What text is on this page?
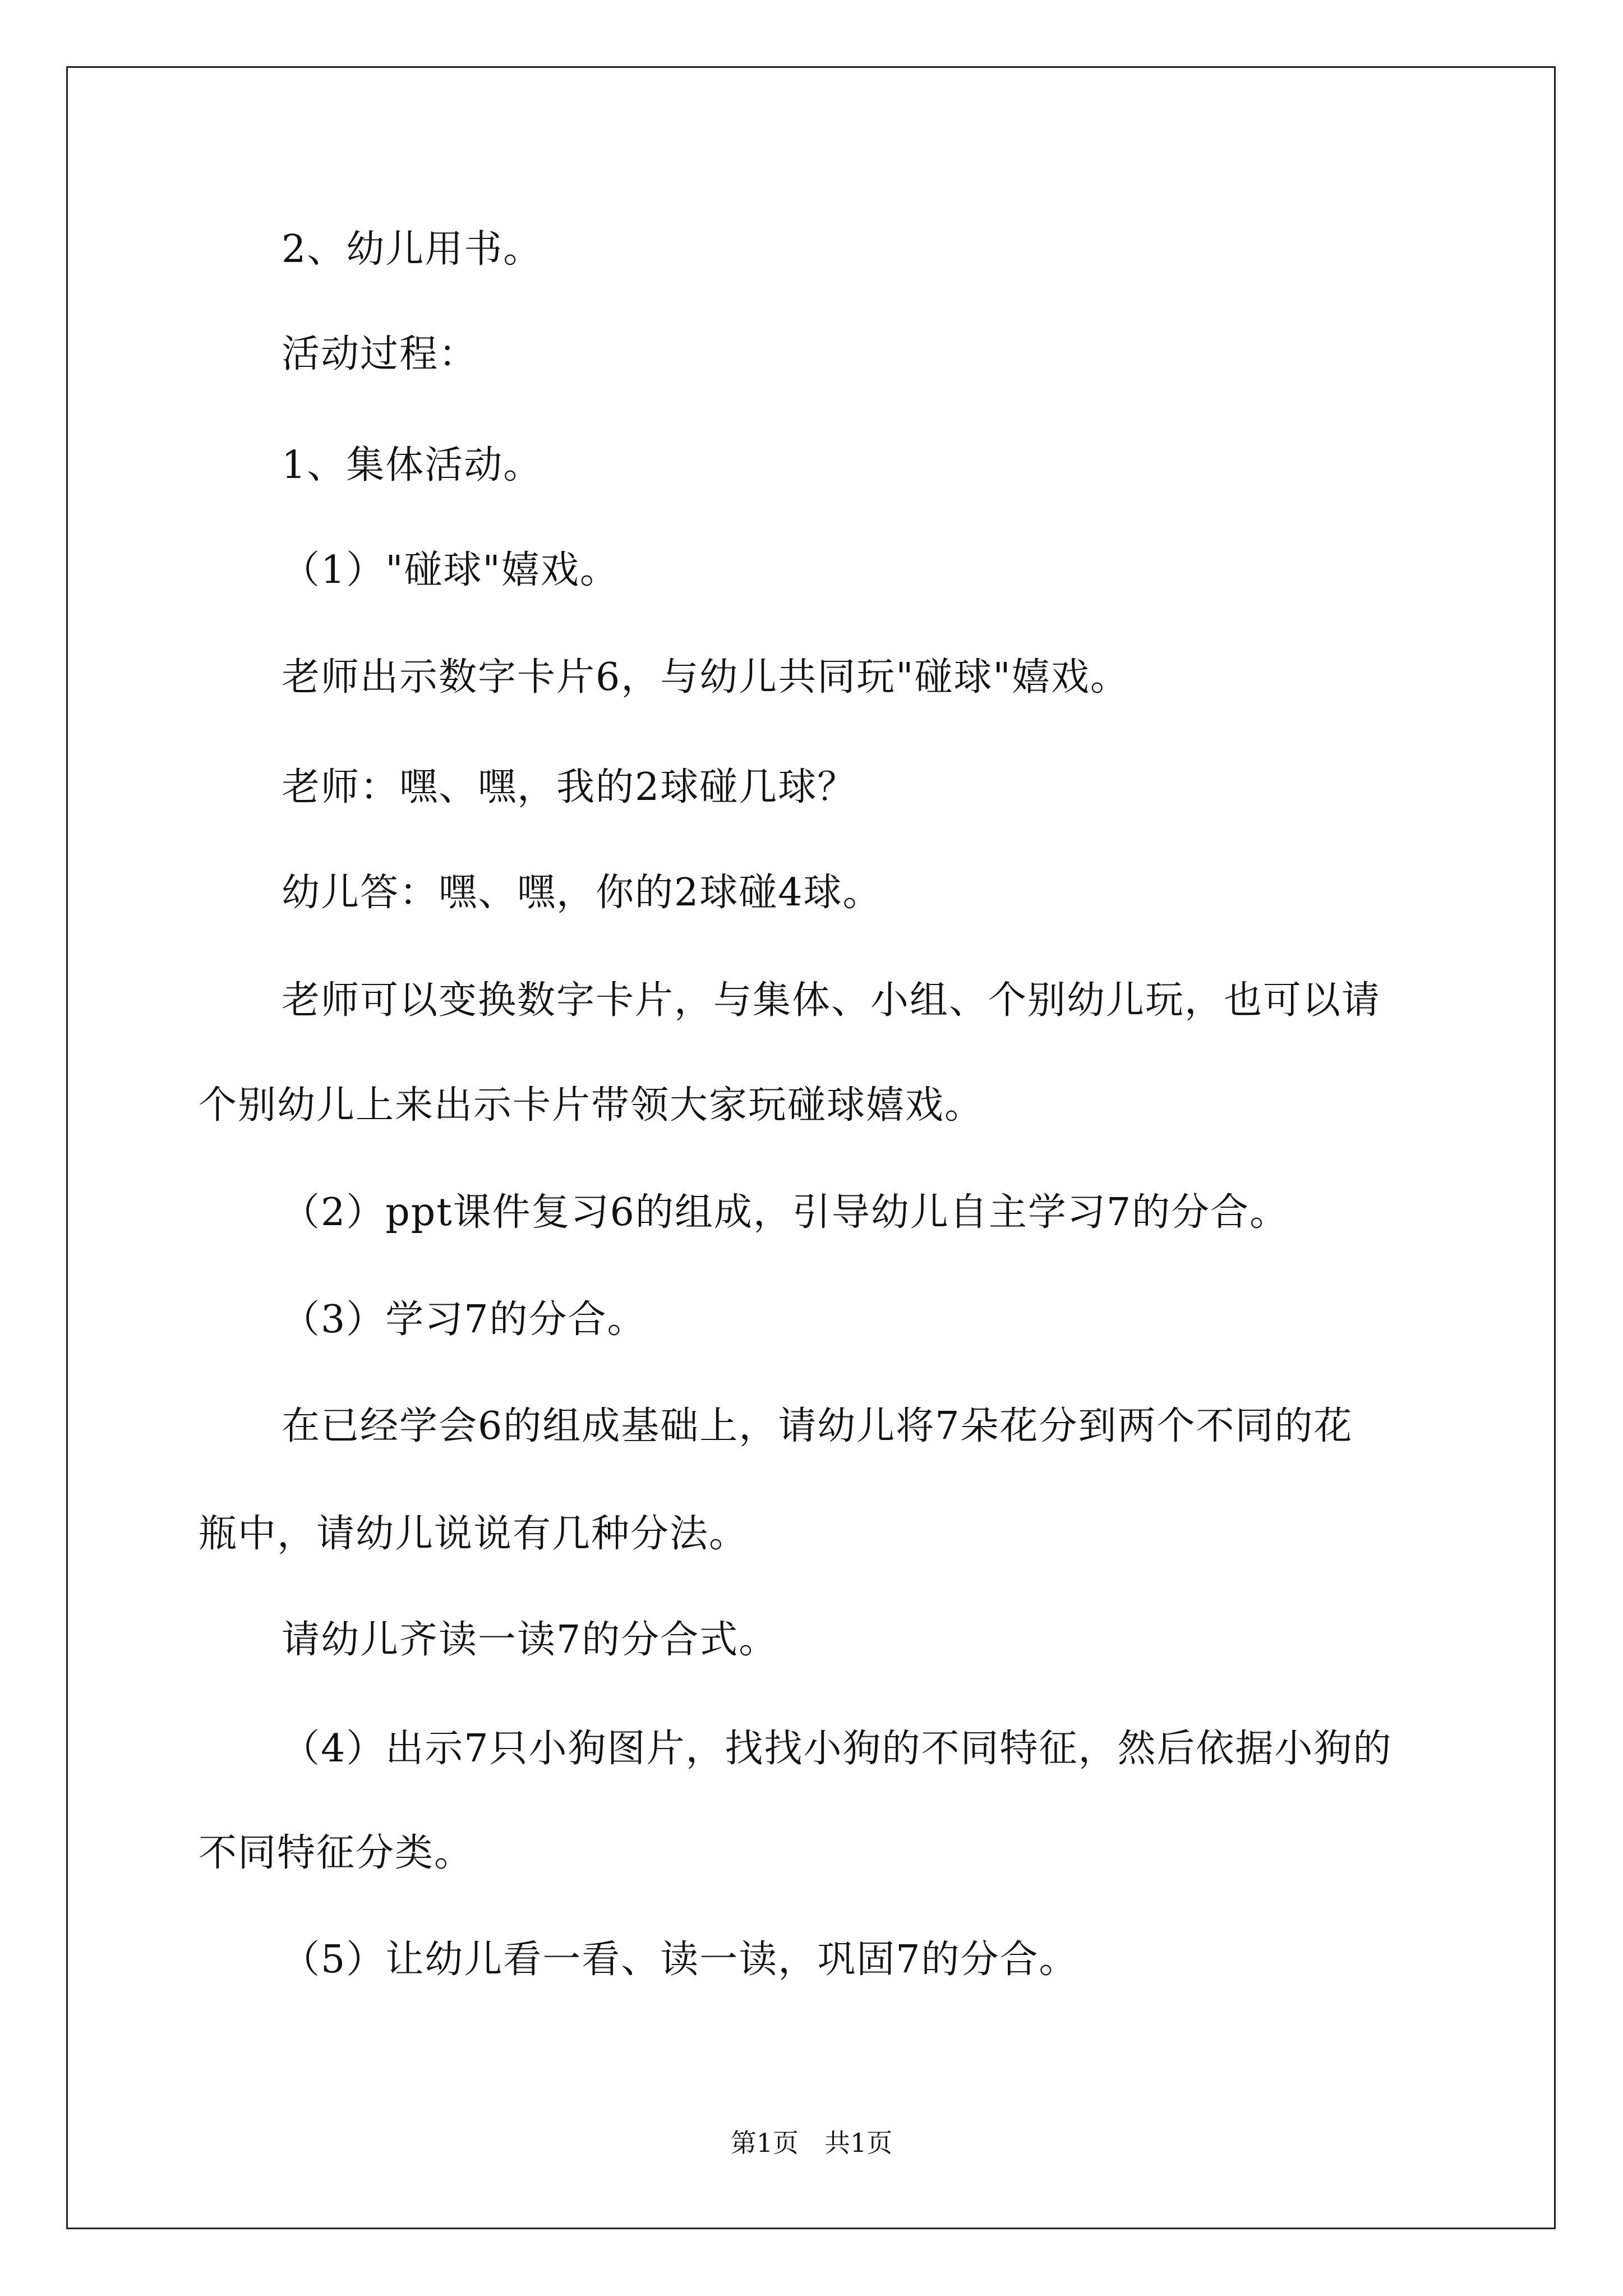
2、幼儿用书。

活动过程：

1、集体活动。

（1）"碰球"嬉戏。

老师出示数字卡片6，与幼儿共同玩"碰球"嬉戏。

老师：嘿、嘿，我的2球碰几球？

幼儿答：嘿、嘿，你的2球碰4球。

老师可以变换数字卡片，与集体、小组、个别幼儿玩，也可以请

个别幼儿上来出示卡片带领大家玩碰球嬉戏。

（2）ppt课件复习6的组成，引导幼儿自主学习7的分合。

（3）学习7的分合。

在已经学会6的组成基础上，请幼儿将7朵花分到两个不同的花

瓶中，请幼儿说说有几种分法。

请幼儿齐读一读7的分合式。

（4）出示7只小狗图片，找找小狗的不同特征，然后依据小狗的

不同特征分类。

（5）让幼儿看一看、读一读，巩固7的分合。

第1页　共1页
